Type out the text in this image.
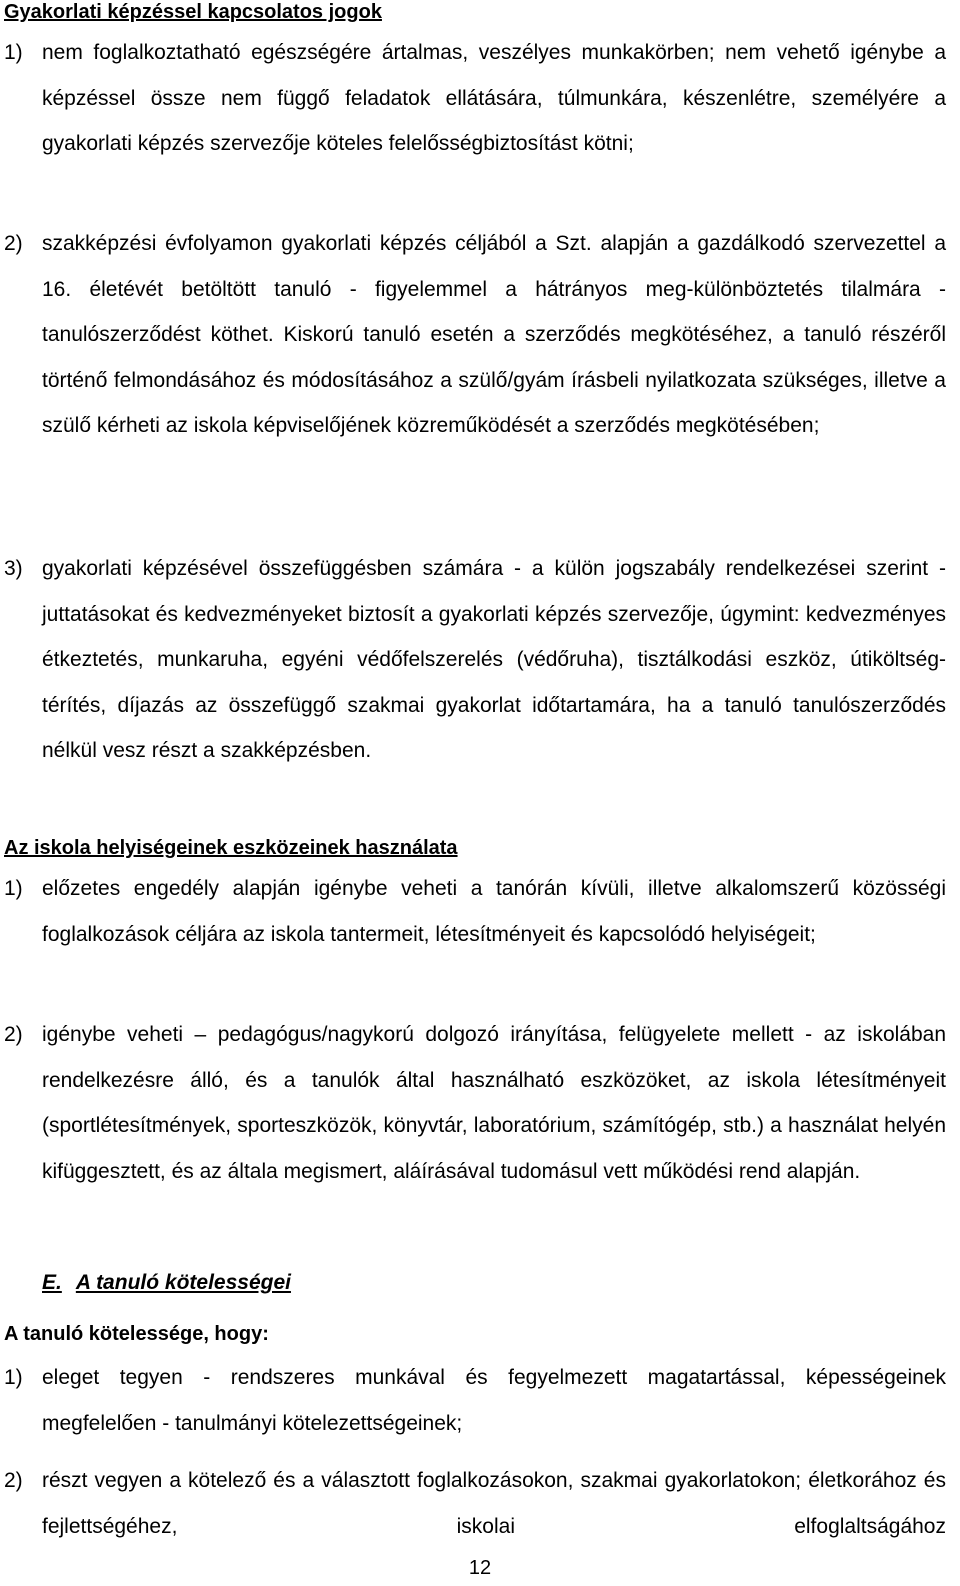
Gyakorlati képzéssel kapcsolatos jogok
1) nem foglalkoztatható egészségére ártalmas, veszélyes munkakörben; nem vehető igénybe a képzéssel össze nem függő feladatok ellátására, túlmunkára, készenlétre, személyére a gyakorlati képzés szervezője köteles felelősségbiztosítást kötni;
2) szakképzési évfolyamon gyakorlati képzés céljából a Szt. alapján a gazdálkodó szervezettel a 16. életévét betöltött tanuló - figyelemmel a hátrányos meg-különböztetés tilalmára - tanulószerződést köthet. Kiskorú tanuló esetén a szerződés megkötéséhez, a tanuló részéről történő felmondásához és módosításához a szülő/gyám írásbeli nyilatkozata szükséges, illetve a szülő kérheti az iskola képviselőjének közreműködését a szerződés megkötésében;
3) gyakorlati képzésével összefüggésben számára - a külön jogszabály rendelkezései szerint - juttatásokat és kedvezményeket biztosít a gyakorlati képzés szervezője, úgymint: kedvezményes étkeztetés, munkaruha, egyéni védőfelszerelés (védőruha), tisztálkodási eszköz, útiköltség-térítés, díjazás az összefüggő szakmai gyakorlat időtartamára, ha a tanuló tanulószerződés nélkül vesz részt a szakképzésben.
Az iskola helyiségeinek eszközeinek használata
1) előzetes engedély alapján igénybe veheti a tanórán kívüli, illetve alkalomszerű közösségi foglalkozások céljára az iskola tantermeit, létesítményeit és kapcsolódó helyiségeit;
2) igénybe veheti – pedagógus/nagykorú dolgozó irányítása, felügyelete mellett - az iskolában rendelkezésre álló, és a tanulók által használható eszközöket, az iskola létesítményeit (sportlétesítmények, sporteszközök, könyvtár, laboratórium, számítógép, stb.) a használat helyén kifüggesztett, és az általa megismert, aláírásával tudomásul vett működési rend alapján.
E. A tanuló kötelességei
A tanuló kötelessége, hogy:
1) eleget tegyen - rendszeres munkával és fegyelmezett magatartással, képességeinek megfelelően - tanulmányi kötelezettségeinek;
2) részt vegyen a kötelező és a választott foglalkozásokon, szakmai gyakorlatokon; életkorához és fejlettségéhez, iskolai elfoglaltságához
12
